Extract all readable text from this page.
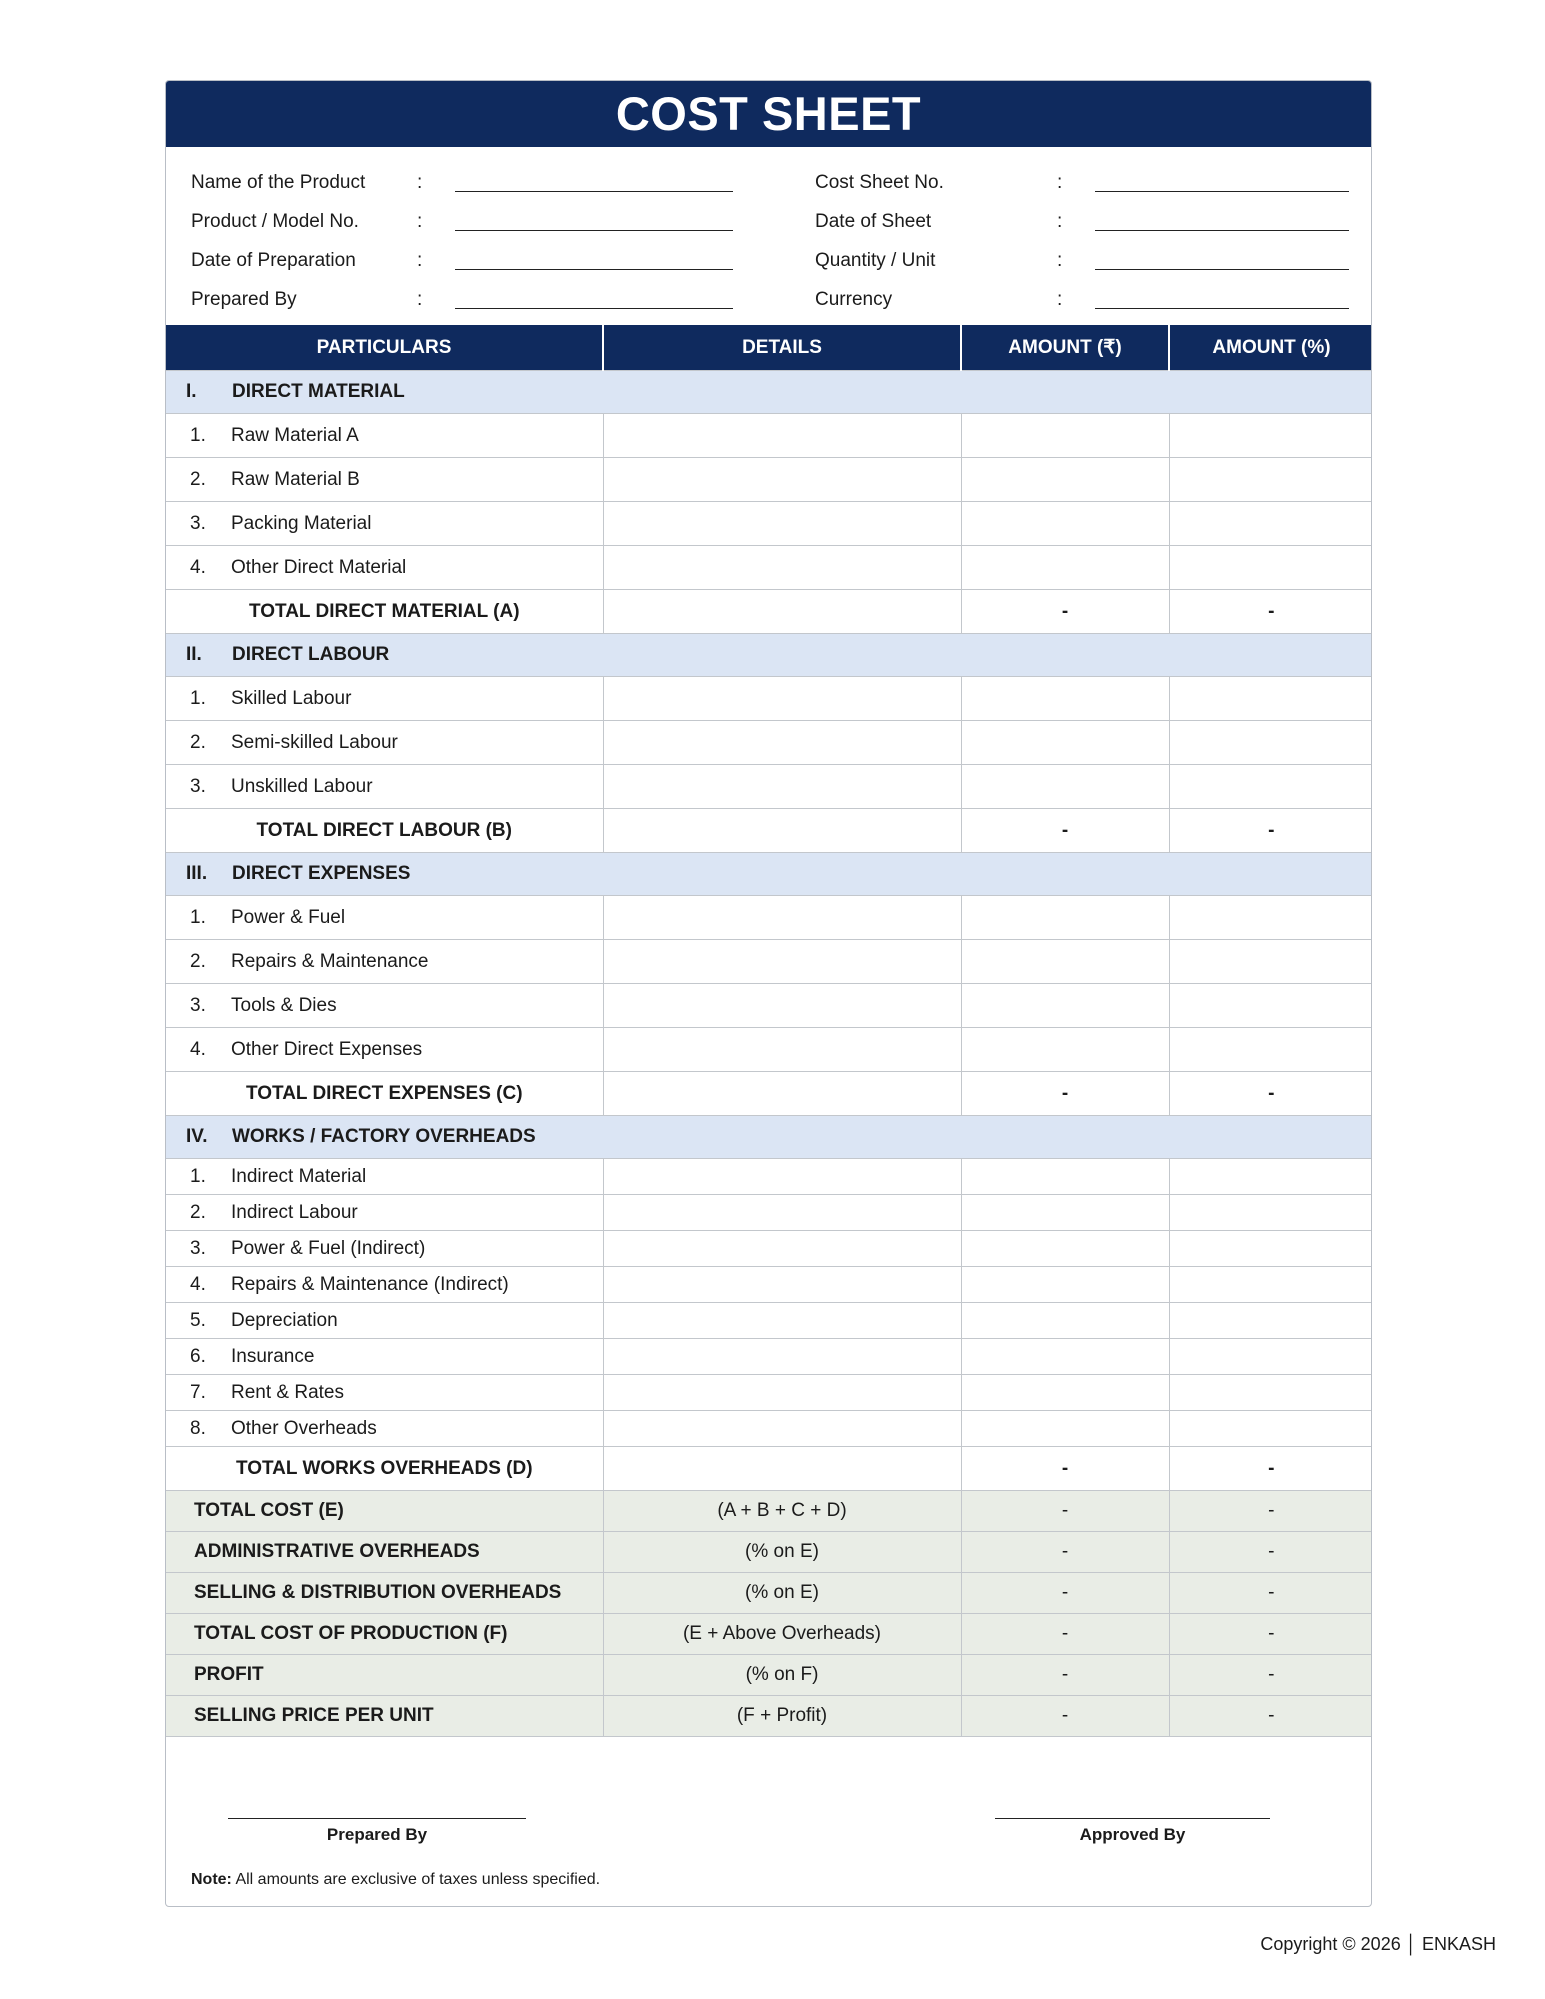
COST SHEET
Name of the Product	:
Product / Model No.	:
Date of Preparation	:
Prepared By	:
Cost Sheet No.	:
Date of Sheet	:
Quantity / Unit	:
Currency	:
PARTICULARS	DETAILS	AMOUNT (₹)	AMOUNT (%)
I. DIRECT MATERIAL			
1. Raw Material A			
2. Raw Material B			
3. Packing Material			
4. Other Direct Material			

TOTAL DIRECT MATERIAL (A)		-	-
II. DIRECT LABOUR			
1. Skilled Labour			
2. Semi-skilled Labour			
3. Unskilled Labour			

TOTAL DIRECT LABOUR (B)		-	-
III. DIRECT EXPENSES			
1. Power & Fuel			
2. Repairs & Maintenance			
3. Tools & Dies			
4. Other Direct Expenses			

TOTAL DIRECT EXPENSES (C)		-	-
IV. WORKS / FACTORY OVERHEADS			
1. Indirect Material			
2. Indirect Labour			
3. Power & Fuel (Indirect)			
4. Repairs & Maintenance (Indirect)			
5. Depreciation			
6. Insurance			
7. Rent & Rates			
8. Other Overheads			

TOTAL WORKS OVERHEADS (D)		-	-
TOTAL COST (E)	(A + B + C + D)	-	-
ADMINISTRATIVE OVERHEADS	(% on E)	-	-
SELLING & DISTRIBUTION OVERHEADS	(% on E)	-	-
TOTAL COST OF PRODUCTION (F)	(E + Above Overheads)	-	-
PROFIT	(% on F)	-	-
SELLING PRICE PER UNIT	(F + Profit)	-	-
Prepared By	Approved By
Note: All amounts are exclusive of taxes unless specified.
Copyright © 2026 │ ENKASH
